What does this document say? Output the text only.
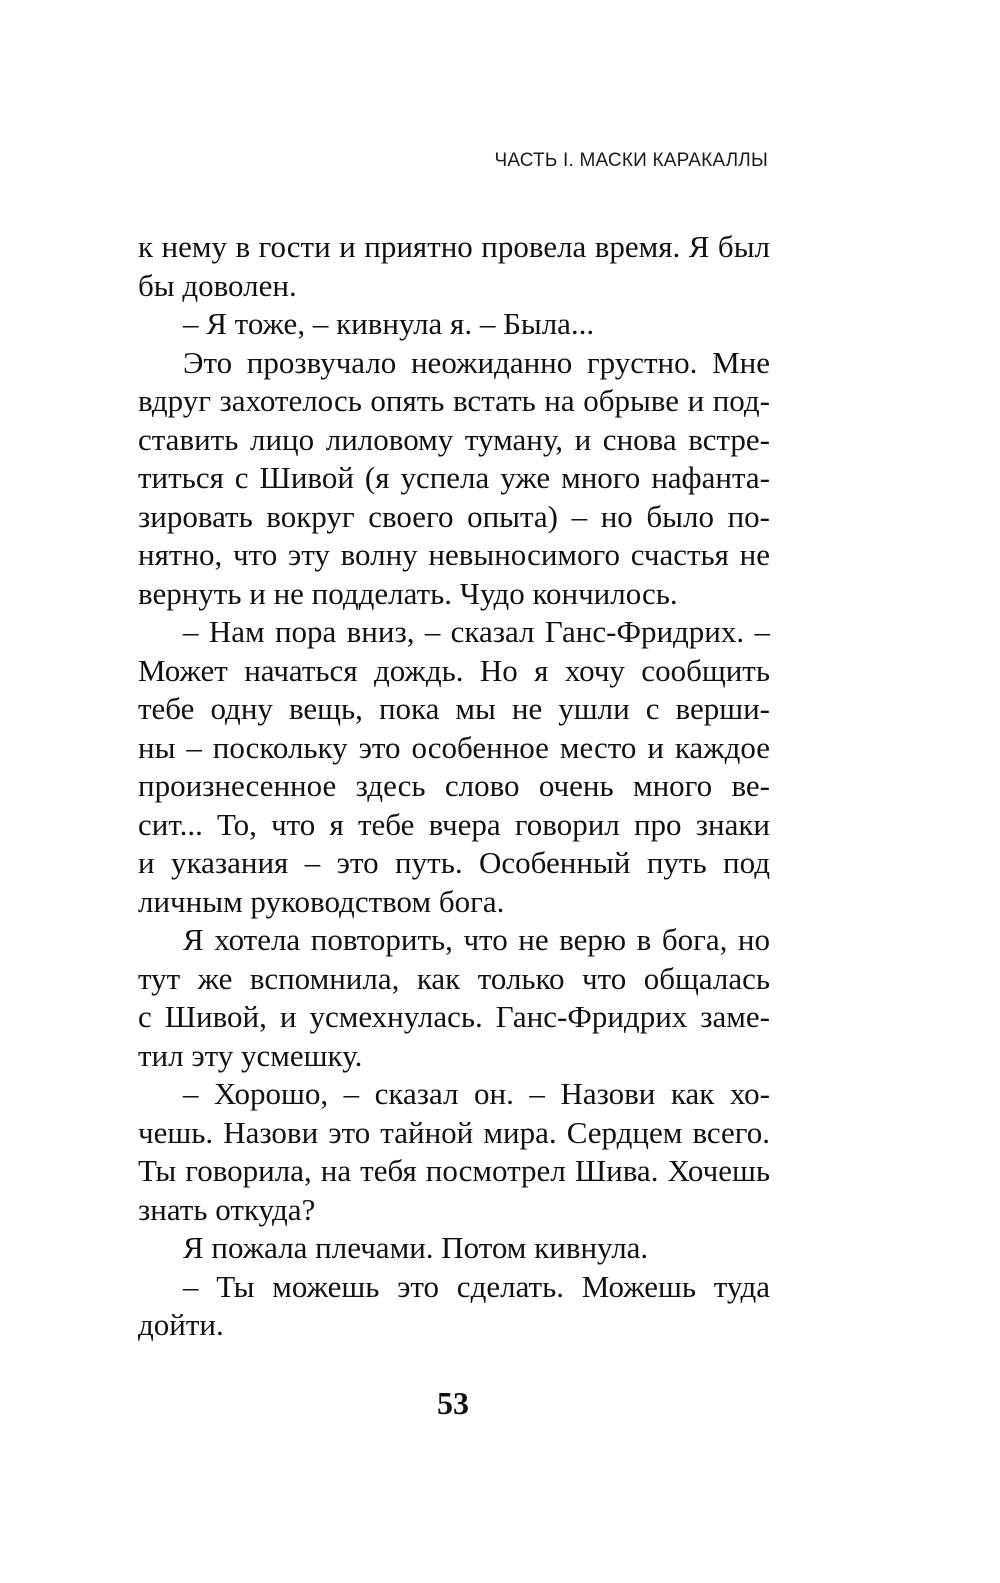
ЧАСТЬ I. МАСКИ КАРАКАЛЛЫ
к нему в гости и приятно провела время. Я был
бы доволен.
– Я тоже, – кивнула я. – Была...
Это прозвучало неожиданно грустно. Мне
вдруг захотелось опять встать на обрыве и под-
ставить лицо лиловому туману, и снова встре-
титься с Шивой (я успела уже много нафанта-
зировать вокруг своего опыта) – но было по-
нятно, что эту волну невыносимого счастья не
вернуть и не подделать. Чудо кончилось.
– Нам пора вниз, – сказал Ганс-Фридрих. –
Может начаться дождь. Но я хочу сообщить
тебе одну вещь, пока мы не ушли с верши-
ны – поскольку это особенное место и каждое
произнесенное здесь слово очень много ве-
сит... То, что я тебе вчера говорил про знаки
и указания – это путь. Особенный путь под
личным руководством бога.
Я хотела повторить, что не верю в бога, но
тут же вспомнила, как только что общалась
с Шивой, и усмехнулась. Ганс-Фридрих заме-
тил эту усмешку.
– Хорошо, – сказал он. – Назови как хо-
чешь. Назови это тайной мира. Сердцем всего.
Ты говорила, на тебя посмотрел Шива. Хочешь
знать откуда?
Я пожала плечами. Потом кивнула.
– Ты можешь это сделать. Можешь туда
дойти.
53
